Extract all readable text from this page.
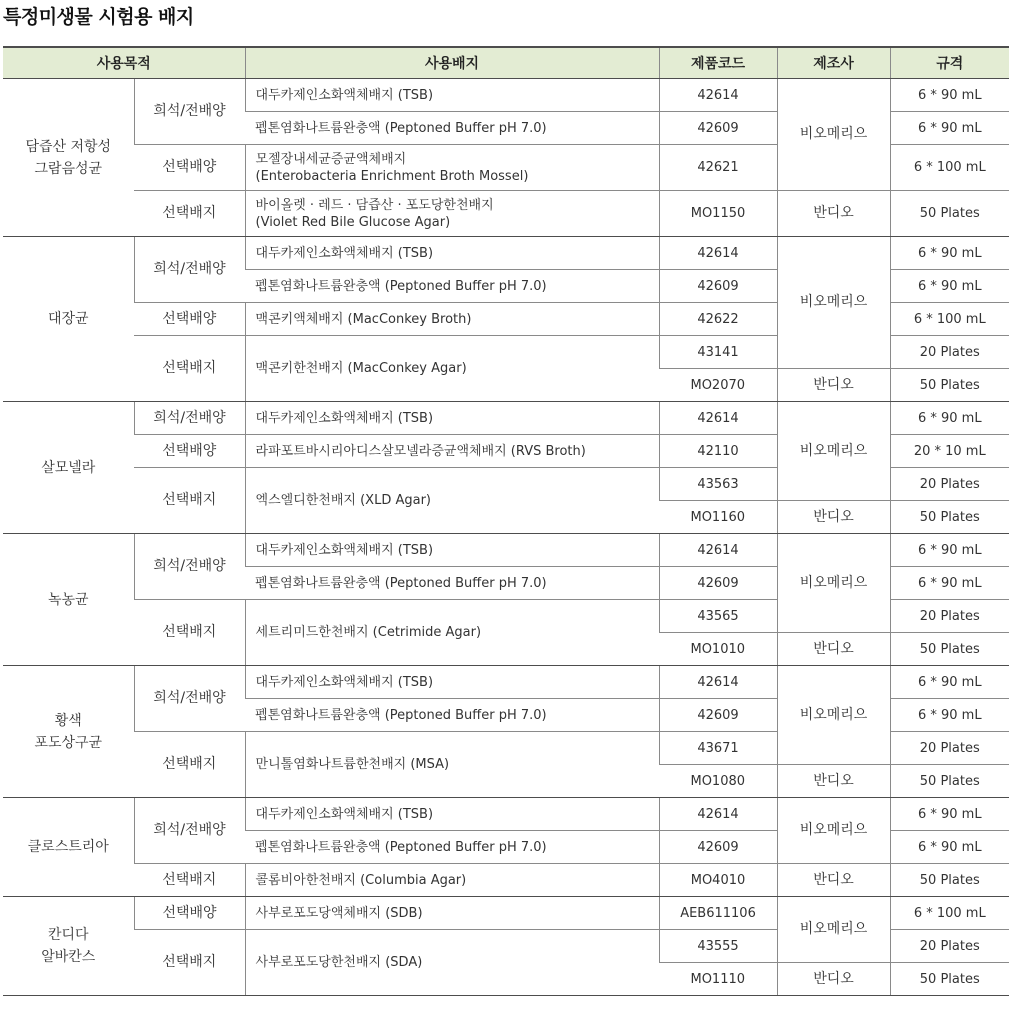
특정미생물 시험용 배지
사용목적		사용배지	제품코드	제조사	규격
담즙산 저항성
그람음성균	희석/전배양	대두카제인소화액체배지 (TSB)	42614	비오메리으	6 * 90 mL
		펩톤염화나트륨완충액 (Peptoned Buffer pH 7.0)	42609		6 * 90 mL
	선택배양	모젤장내세균증균액체배지
(Enterobacteria Enrichment Broth Mossel)	42621		6 * 100 mL
	선택배지	바이올렛 · 레드 · 담즙산 · 포도당한천배지
(Violet Red Bile Glucose Agar)	MO1150	반디오	50 Plates
대장균	희석/전배양	대두카제인소화액체배지 (TSB)	42614	비오메리으	6 * 90 mL
		펩톤염화나트륨완충액 (Peptoned Buffer pH 7.0)	42609		6 * 90 mL
	선택배양	맥콘키액체배지 (MacConkey Broth)	42622		6 * 100 mL
	선택배지	맥콘키한천배지 (MacConkey Agar)	43141		20 Plates
			MO2070	반디오	50 Plates
살모넬라	희석/전배양	대두카제인소화액체배지 (TSB)	42614	비오메리으	6 * 90 mL
	선택배양	라파포트바시리아디스살모넬라증균액체배지 (RVS Broth)	42110		20 * 10 mL
	선택배지	엑스엘디한천배지 (XLD Agar)	43563		20 Plates
			MO1160	반디오	50 Plates
녹농균	희석/전배양	대두카제인소화액체배지 (TSB)	42614	비오메리으	6 * 90 mL
		펩톤염화나트륨완충액 (Peptoned Buffer pH 7.0)	42609		6 * 90 mL
	선택배지	세트리미드한천배지 (Cetrimide Agar)	43565		20 Plates
			MO1010	반디오	50 Plates
황색
포도상구균	희석/전배양	대두카제인소화액체배지 (TSB)	42614	비오메리으	6 * 90 mL
		펩톤염화나트륨완충액 (Peptoned Buffer pH 7.0)	42609		6 * 90 mL
	선택배지	만니톨염화나트륨한천배지 (MSA)	43671		20 Plates
			MO1080	반디오	50 Plates
클로스트리아	희석/전배양	대두카제인소화액체배지 (TSB)	42614	비오메리으	6 * 90 mL
		펩톤염화나트륨완충액 (Peptoned Buffer pH 7.0)	42609		6 * 90 mL
	선택배지	콜롬비아한천배지 (Columbia Agar)	MO4010	반디오	50 Plates
칸디다
알바칸스	선택배양	사부로포도당액체배지 (SDB)	AEB611106	비오메리으	6 * 100 mL
	선택배지	사부로포도당한천배지 (SDA)	43555		20 Plates
			MO1110	반디오	50 Plates
